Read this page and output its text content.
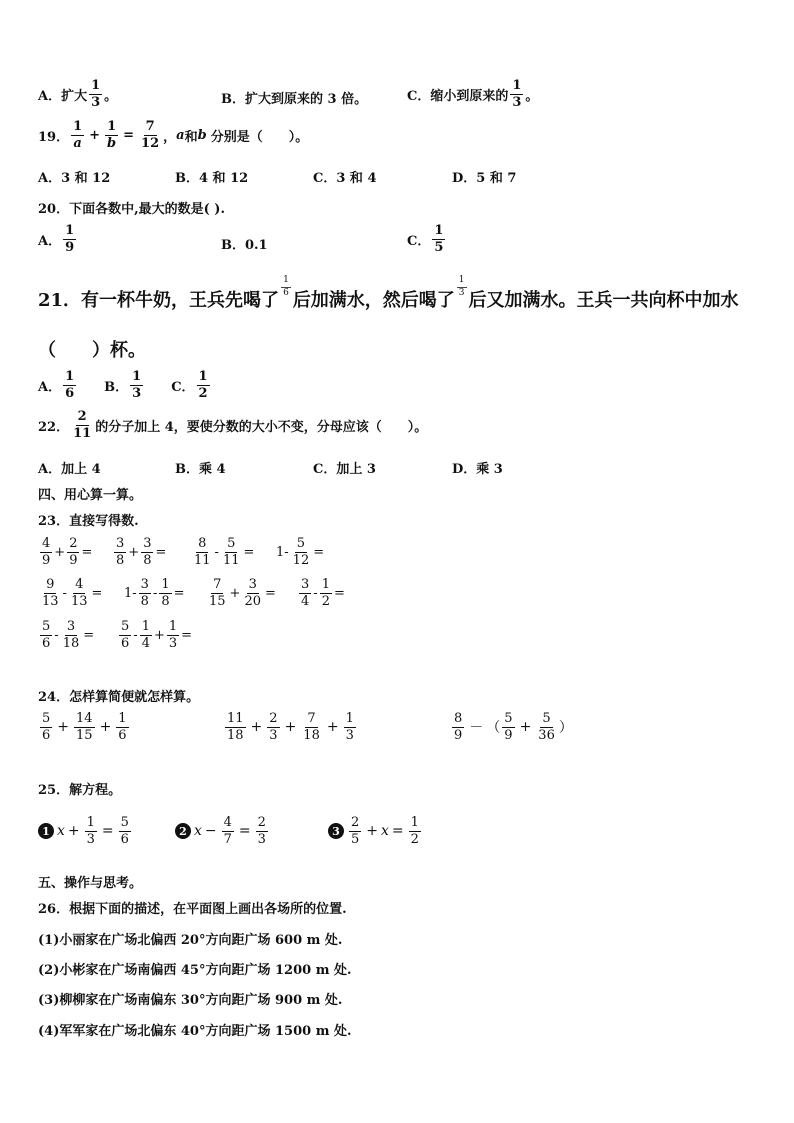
A．扩大 $\frac{1}{3}$ 。	B．扩大到原来的 3 倍。	C．缩小到原来的 $\frac{1}{3}$ 。
19． $\frac{1}{a} + \frac{1}{b} = \frac{7}{12}$ ， a 和 b 分别是（　　）。
A．3 和 12	B．4 和 12	C．3 和 4	D．5 和 7
20．下面各数中,最大的数是( ).
A． $\frac{1}{9}$	B．0.1	C． $\frac{1}{5}$
21．有一杯牛奶，王兵先喝了
$\frac{1}{6}$
后加满水，然后喝了
$\frac{1}{3}$
后又加满水。王兵一共向杯中加水
（　　）杯。
A． $\frac{1}{6}$ B． $\frac{1}{3}$ C． $\frac{1}{2}$
22． $\frac{2}{11}$ 的分子加上 4，要使分数的大小不变，分母应该（　　）。
A．加上 4	B．乘 4	C．加上 3	D．乘 3
四、用心算一算。
23．直接写得数.
$\frac{4}{9} + \frac{2}{9} = \frac{3}{8} + \frac{3}{8} = \frac{8}{11} - \frac{5}{11} = 1- \frac{5}{12}$ =
$\frac{9}{13} - \frac{4}{13} = 1- \frac{3}{8} - \frac{1}{8} = \frac{7}{15} + \frac{3}{20} = \frac{3}{4} - \frac{1}{2}$ =
$\frac{5}{6} - \frac{3}{18} = \frac{5}{6} - \frac{1}{4} + \frac{1}{3}$ =
24．怎样算简便就怎样算。
$\frac{5}{6} + \frac{14}{15} + \frac{1}{6}$	$\frac{11}{18} + \frac{2}{3} + \frac{7}{18} + \frac{1}{3}$	$\frac{8}{9}$ － （ $\frac{5}{9} + \frac{5}{36}$ ）
25．解方程。
1 $x + \frac{1}{3} = \frac{5}{6}$	2 $x - \frac{4}{7} = \frac{2}{3}$	$3 \frac{2}{5} + x = \frac{1}{2}$
五、操作与思考。
26．根据下面的描述，在平面图上画出各场所的位置.
(1)小丽家在广场北偏西 20°方向距广场 600 m 处.
(2)小彬家在广场南偏西 45°方向距广场 1200 m 处.
(3)柳柳家在广场南偏东 30°方向距广场 900 m 处.
(4)军军家在广场北偏东 40°方向距广场 1500 m 处.
